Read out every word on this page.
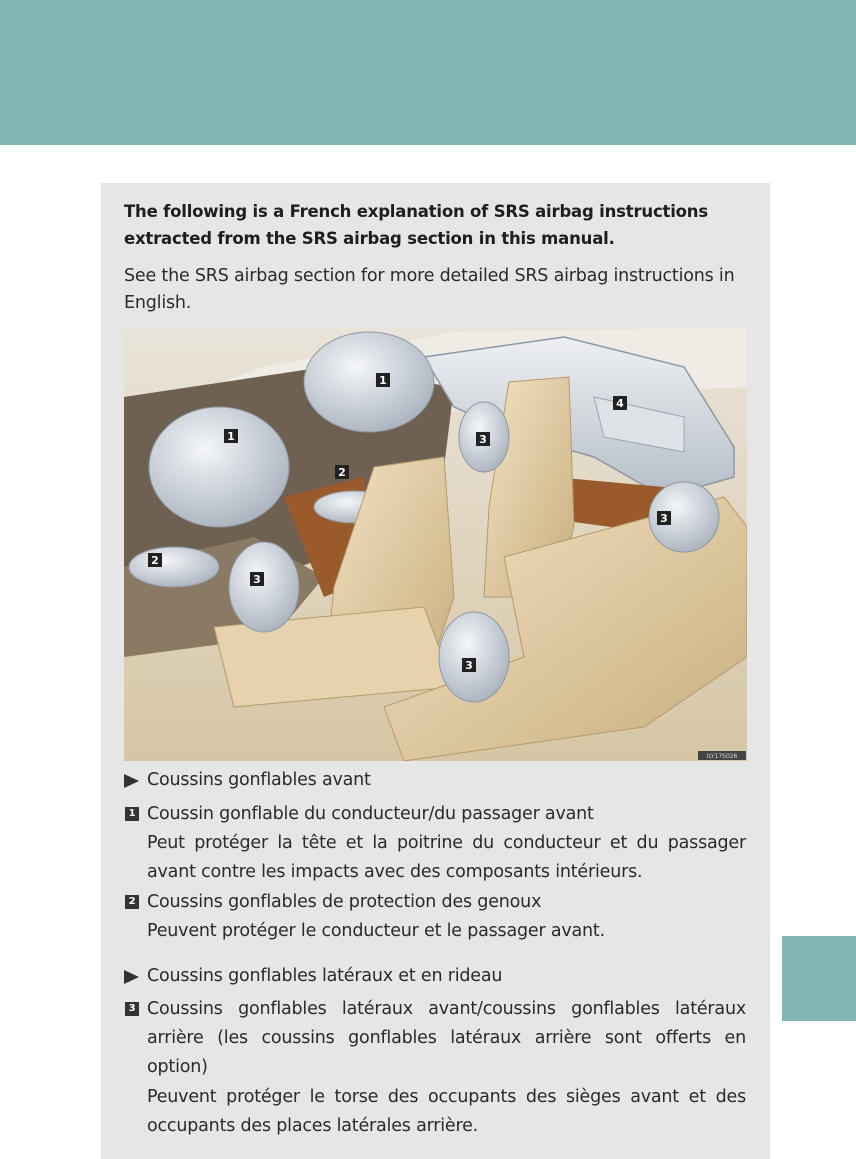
The following is a French explanation of SRS airbag instructions extracted from the SRS airbag section in this manual.
See the SRS airbag section for more detailed SRS airbag instructions in English.
1
1
2
2
3
3
3
3
4
ILY17S026
Coussins gonflables avant
1 Coussin gonflable du conducteur/du passager avant
Peut protéger la tête et la poitrine du conducteur et du passager avant contre les impacts avec des composants intérieurs.
2 Coussins gonflables de protection des genoux
Peuvent protéger le conducteur et le passager avant.
Coussins gonflables latéraux et en rideau
3 Coussins gonflables latéraux avant/coussins gonflables latéraux arrière (les coussins gonflables latéraux arrière sont offerts en option)
Peuvent protéger le torse des occupants des sièges avant et des occupants des places latérales arrière.
